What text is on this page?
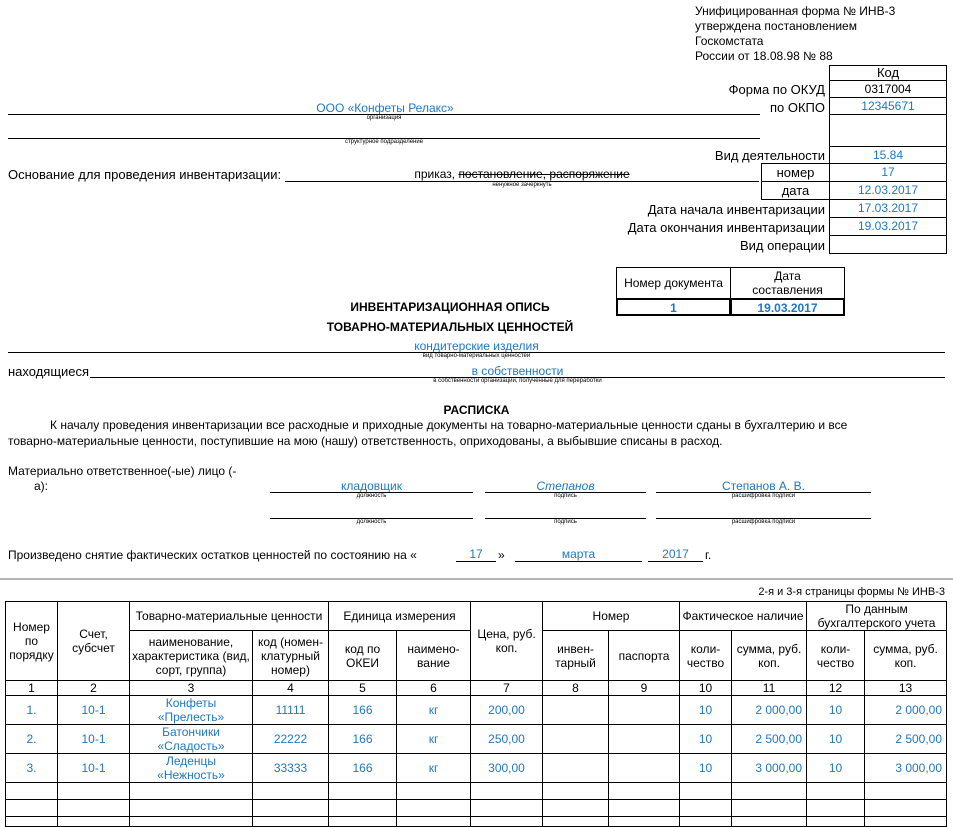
Унифицированная форма № ИНВ-3
утверждена постановлением
Госкомстата
России от 18.08.98 № 88
Код
Форма по ОКУД	0317004
по ОКПО	12345671
Вид деятельности	15.84
номер	17
дата	12.03.2017
Дата начала инвентаризации	17.03.2017
Дата окончания инвентаризации	19.03.2017
Вид операции
ООО «Конфеты Релакс»
организация
структурное подразделение
Основание для проведения инвентаризации:	приказ, постановление, распоряжение
ненужное зачеркнуть
Номер документа	Дата
составления
1	19.03.2017
ИНВЕНТАРИЗАЦИОННАЯ ОПИСЬ
ТОВАРНО-МАТЕРИАЛЬНЫХ ЦЕННОСТЕЙ
кондитерские изделия
вид товарно-материальных ценностей
находящиеся	в собственности
в собственности организации, полученные для переработки
РАСПИСКА
К началу проведения инвентаризации все расходные и приходные документы на товарно-материальные ценности сданы в бухгалтерию и все
товарно-материальные ценности, поступившие на мою (нашу) ответственность, оприходованы, а выбывшие списаны в расход.
Материально ответственное(-ые) лицо (-
а):	кладовщик	Степанов	Степанов А. В.
должность	подпись	расшифровка подписи
должность	подпись	расшифровка подписи
Произведено снятие фактических остатков ценностей по состоянию на «	17	»	марта	2017	г.
2-я и 3-я страницы формы № ИНВ-3
Номер по порядку	Счет, субсчет	Товарно-материальные ценности		Единица измерения		Цена, руб. коп.	Номер		Фактическое наличие		По данным бухгалтерского учета	
		наименование, характеристика (вид, сорт, группа)	код (номен-клатурный номер)	код по ОКЕИ	наимено-вание		инвен-тарный	паспорта	коли-чество	сумма, руб. коп.	коли-чество	сумма, руб. коп.
1	2	3	4	5	6	7	8	9	10	11	12	13
1.	10-1	Конфеты «Прелесть»	11111	166	кг	200,00			10	2 000,00	10	2 000,00
2.	10-1	Батончики «Сладость»	22222	166	кг	250,00			10	2 500,00	10	2 500,00
3.	10-1	Леденцы «Нежность»	33333	166	кг	300,00			10	3 000,00	10	3 000,00
